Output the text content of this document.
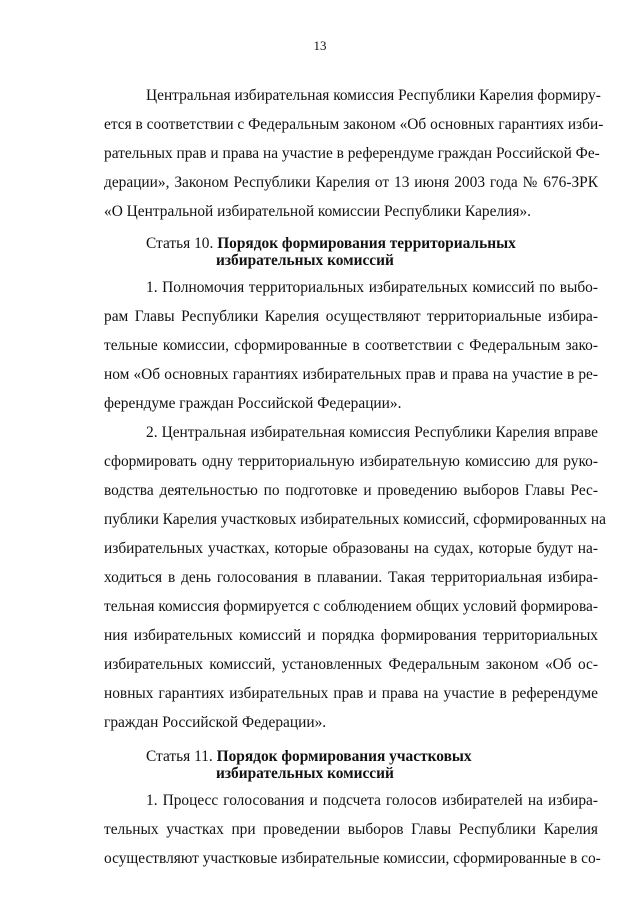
13
Центральная избирательная комиссия Республики Карелия формиру-
ется в соответствии с Федеральным законом «Об основных гарантиях изби-
рательных прав и права на участие в референдуме граждан Российской Фе-
дерации», Законом Республики Карелия от 13 июня 2003 года № 676-ЗРК
«О Центральной избирательной комиссии Республики Карелия».
Статья 10. Порядок формирования территориальных
избирательных комиссий
1. Полномочия территориальных избирательных комиссий по выбо-
рам Главы Республики Карелия осуществляют территориальные избира-
тельные комиссии, сформированные в соответствии с Федеральным зако-
ном «Об основных гарантиях избирательных прав и права на участие в ре-
ферендуме граждан Российской Федерации».
2. Центральная избирательная комиссия Республики Карелия вправе
сформировать одну территориальную избирательную комиссию для руко-
водства деятельностью по подготовке и проведению выборов Главы Рес-
публики Карелия участковых избирательных комиссий, сформированных на
избирательных участках, которые образованы на судах, которые будут на-
ходиться в день голосования в плавании. Такая территориальная избира-
тельная комиссия формируется с соблюдением общих условий формирова-
ния избирательных комиссий и порядка формирования территориальных
избирательных комиссий, установленных Федеральным законом «Об ос-
новных гарантиях избирательных прав и права на участие в референдуме
граждан Российской Федерации».
Статья 11. Порядок формирования участковых
избирательных комиссий
1. Процесс голосования и подсчета голосов избирателей на избира-
тельных участках при проведении выборов Главы Республики Карелия
осуществляют участковые избирательные комиссии, сформированные в со-
